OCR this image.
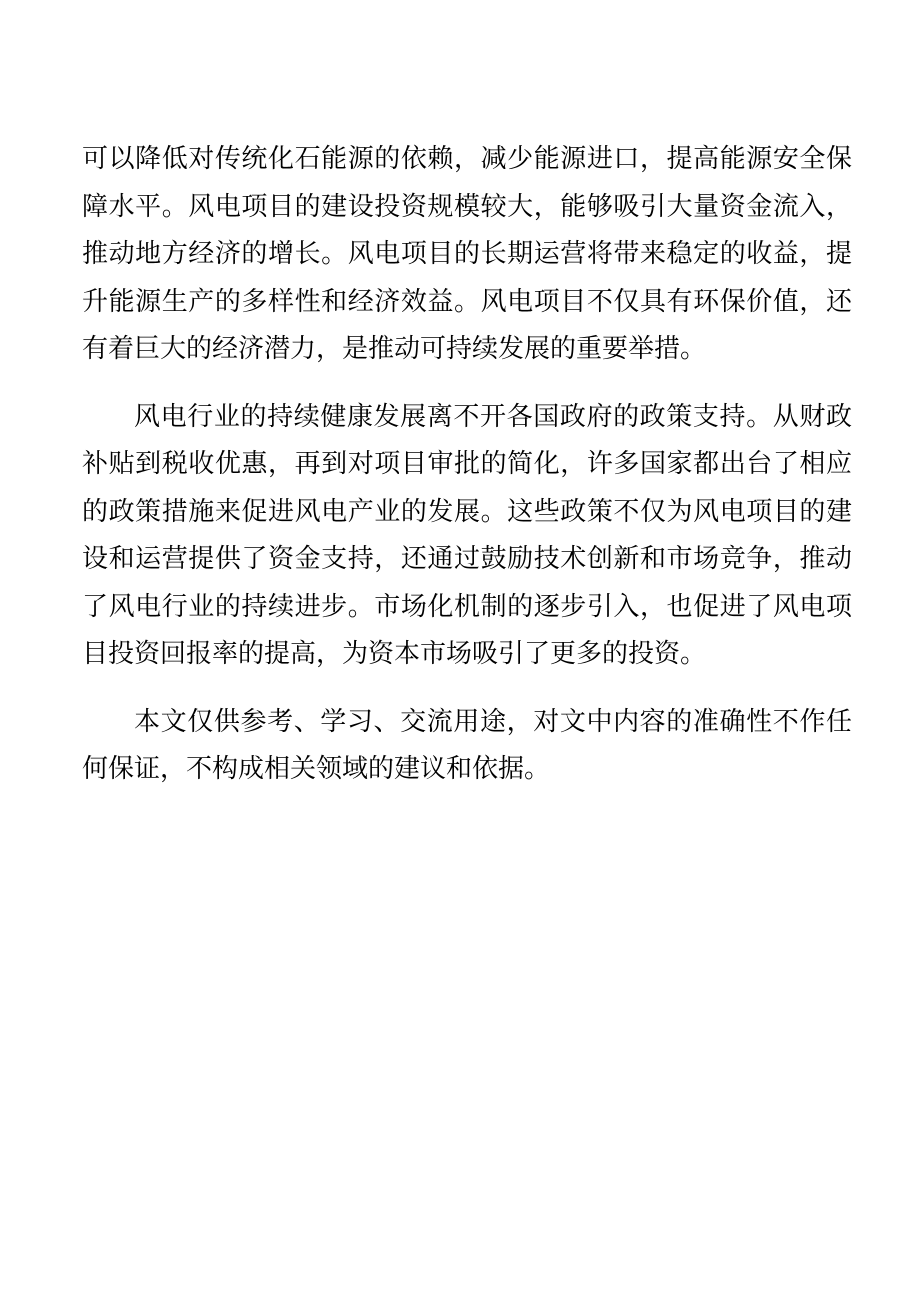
可以降低对传统化石能源的依赖，减少能源进口，提高能源安全保障水平。风电项目的建设投资规模较大，能够吸引大量资金流入，推动地方经济的增长。风电项目的长期运营将带来稳定的收益，提升能源生产的多样性和经济效益。风电项目不仅具有环保价值，还有着巨大的经济潜力，是推动可持续发展的重要举措。

风电行业的持续健康发展离不开各国政府的政策支持。从财政补贴到税收优惠，再到对项目审批的简化，许多国家都出台了相应的政策措施来促进风电产业的发展。这些政策不仅为风电项目的建设和运营提供了资金支持，还通过鼓励技术创新和市场竞争，推动了风电行业的持续进步。市场化机制的逐步引入，也促进了风电项目投资回报率的提高，为资本市场吸引了更多的投资。

本文仅供参考、学习、交流用途，对文中内容的准确性不作任何保证，不构成相关领域的建议和依据。
